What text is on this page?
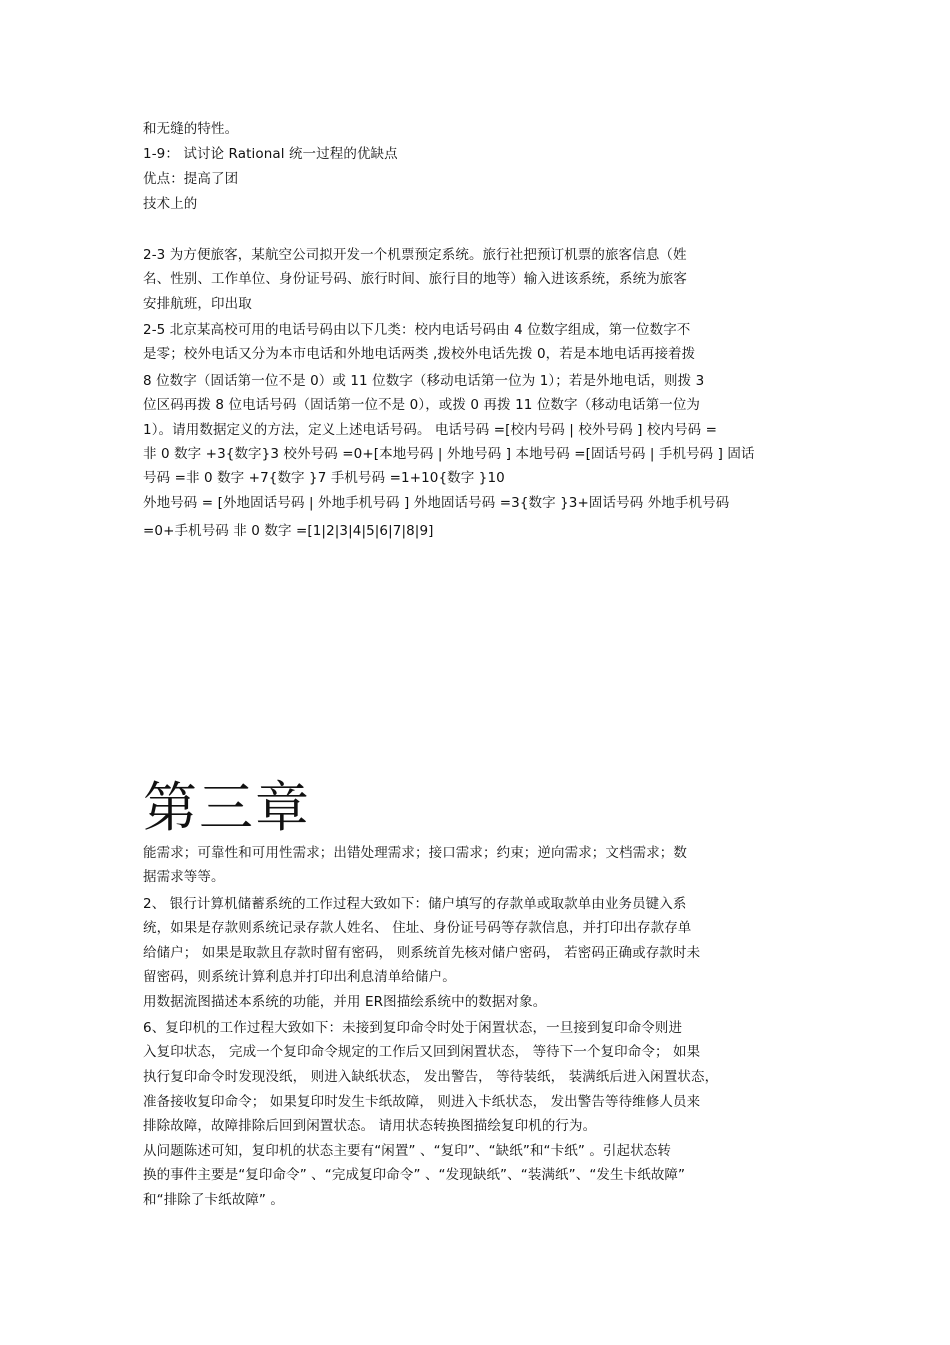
和无缝的特性。
1-9： 试讨论 Rational 统一过程的优缺点
优点：提高了团
技术上的
2-3 为方便旅客，某航空公司拟开发一个机票预定系统。旅行社把预订机票的旅客信息（姓
名、性别、工作单位、身份证号码、旅行时间、旅行目的地等）输入进该系统，系统为旅客
安排航班，印出取
2-5 北京某高校可用的电话号码由以下几类：校内电话号码由 4 位数字组成，第一位数字不
是零；校外电话又分为本市电话和外地电话两类 ,拨校外电话先拨 0，若是本地电话再接着拨
8 位数字（固话第一位不是 0）或 11 位数字（移动电话第一位为 1）；若是外地电话，则拨 3
位区码再拨 8 位电话号码（固话第一位不是 0），或拨 0 再拨 11 位数字（移动电话第一位为
1）。请用数据定义的方法，定义上述电话号码。 电话号码 =[校内号码 | 校外号码 ] 校内号码 =
非 0 数字 +3{数字}3 校外号码 =0+[本地号码 | 外地号码 ] 本地号码 =[固话号码 | 手机号码 ] 固话
号码 =非 0 数字 +7{数字 }7 手机号码 =1+10{数字 }10
外地号码 = [外地固话号码 | 外地手机号码 ] 外地固话号码 =3{数字 }3+固话号码 外地手机号码
=0+手机号码 非 0 数字 =[1|2|3|4|5|6|7|8|9]
第三章
能需求；可靠性和可用性需求；出错处理需求；接口需求；约束；逆向需求；文档需求；数
据需求等等。
2、 银行计算机储蓄系统的工作过程大致如下：储户填写的存款单或取款单由业务员键入系
统，如果是存款则系统记录存款人姓名、 住址、身份证号码等存款信息，并打印出存款存单
给储户； 如果是取款且存款时留有密码， 则系统首先核对储户密码， 若密码正确或存款时未
留密码，则系统计算利息并打印出利息清单给储户。
用数据流图描述本系统的功能，并用 ER图描绘系统中的数据对象。
6、复印机的工作过程大致如下：未接到复印命令时处于闲置状态，一旦接到复印命令则进
入复印状态， 完成一个复印命令规定的工作后又回到闲置状态， 等待下一个复印命令； 如果
执行复印命令时发现没纸， 则进入缺纸状态， 发出警告， 等待装纸， 装满纸后进入闲置状态，
准备接收复印命令； 如果复印时发生卡纸故障， 则进入卡纸状态， 发出警告等待维修人员来
排除故障，故障排除后回到闲置状态。 请用状态转换图描绘复印机的行为。
从问题陈述可知，复印机的状态主要有“闲置” 、“复印”、“缺纸”和“卡纸” 。引起状态转
换的事件主要是“复印命令” 、“完成复印命令” 、“发现缺纸”、“装满纸”、“发生卡纸故障”
和“排除了卡纸故障” 。
